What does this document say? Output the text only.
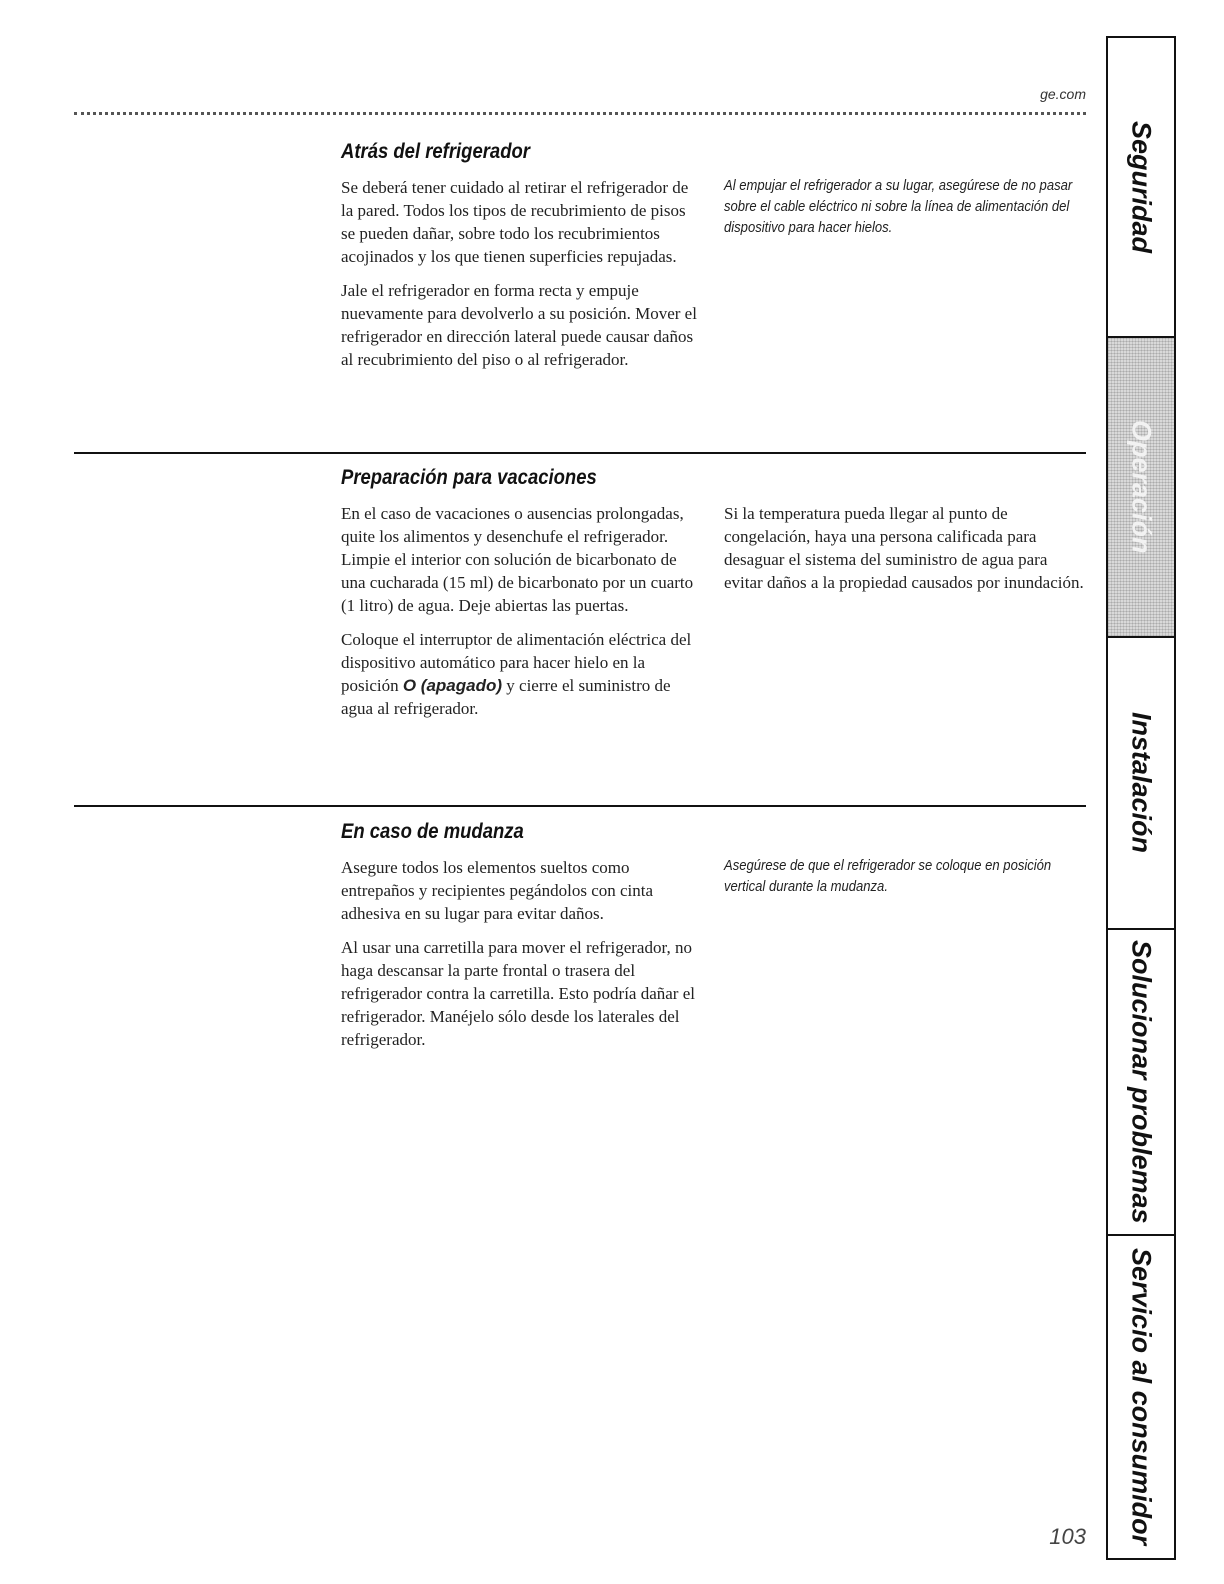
ge.com
Atrás del refrigerador

Se deberá tener cuidado al retirar el refrigerador de la pared. Todos los tipos de recubrimiento de pisos se pueden dañar, sobre todo los recubrimientos acojinados y los que tienen superficies repujadas.

Jale el refrigerador en forma recta y empuje nuevamente para devolverlo a su posición. Mover el refrigerador en dirección lateral puede causar daños al recubrimiento del piso o al refrigerador.

Al empujar el refrigerador a su lugar, asegúrese de no pasar sobre el cable eléctrico ni sobre la línea de alimentación del dispositivo para hacer hielos.

Preparación para vacaciones

En el caso de vacaciones o ausencias prolongadas, quite los alimentos y desenchufe el refrigerador. Limpie el interior con solución de bicarbonato de una cucharada (15 ml) de bicarbonato por un cuarto (1 litro) de agua. Deje abiertas las puertas.

Coloque el interruptor de alimentación eléctrica del dispositivo automático para hacer hielo en la posición O (apagado) y cierre el suministro de agua al refrigerador.

Si la temperatura pueda llegar al punto de congelación, haya una persona calificada para desaguar el sistema del suministro de agua para evitar daños a la propiedad causados por inundación.

En caso de mudanza

Asegure todos los elementos sueltos como entrepaños y recipientes pegándolos con cinta adhesiva en su lugar para evitar daños.

Al usar una carretilla para mover el refrigerador, no haga descansar la parte frontal o trasera del refrigerador contra la carretilla. Esto podría dañar el refrigerador. Manéjelo sólo desde los laterales del refrigerador.

Asegúrese de que el refrigerador se coloque en posición vertical durante la mudanza.

103
Seguridad
Operación
Instalación
Solucionar problemas
Servicio al consumidor
